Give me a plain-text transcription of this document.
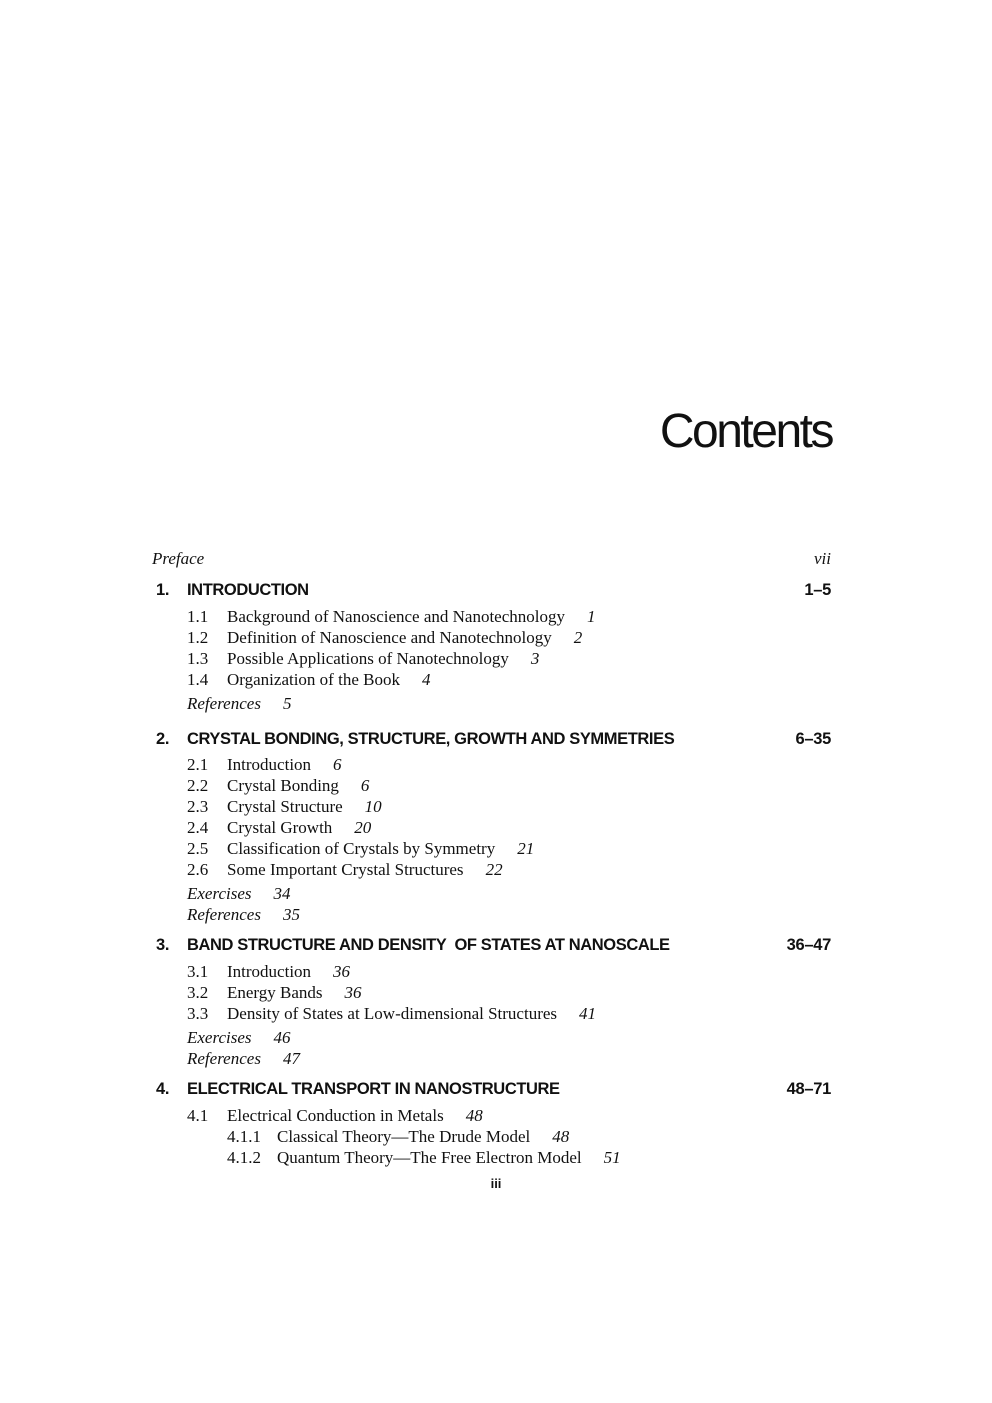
Contents
Preface	vii
1. INTRODUCTION	1–5
1.1 Background of Nanoscience and Nanotechnology 1
1.2 Definition of Nanoscience and Nanotechnology 2
1.3 Possible Applications of Nanotechnology 3
1.4 Organization of the Book 4
References 5
2. CRYSTAL BONDING, STRUCTURE, GROWTH AND SYMMETRIES	6–35
2.1 Introduction 6
2.2 Crystal Bonding 6
2.3 Crystal Structure 10
2.4 Crystal Growth 20
2.5 Classification of Crystals by Symmetry 21
2.6 Some Important Crystal Structures 22
Exercises 34
References 35
3. BAND STRUCTURE AND DENSITY  OF STATES AT NANOSCALE	36–47
3.1 Introduction 36
3.2 Energy Bands 36
3.3 Density of States at Low-dimensional Structures 41
Exercises 46
References 47
4. ELECTRICAL TRANSPORT IN NANOSTRUCTURE	48–71
4.1 Electrical Conduction in Metals 48
4.1.1 Classical Theory—The Drude Model 48
4.1.2 Quantum Theory—The Free Electron Model 51
iii
